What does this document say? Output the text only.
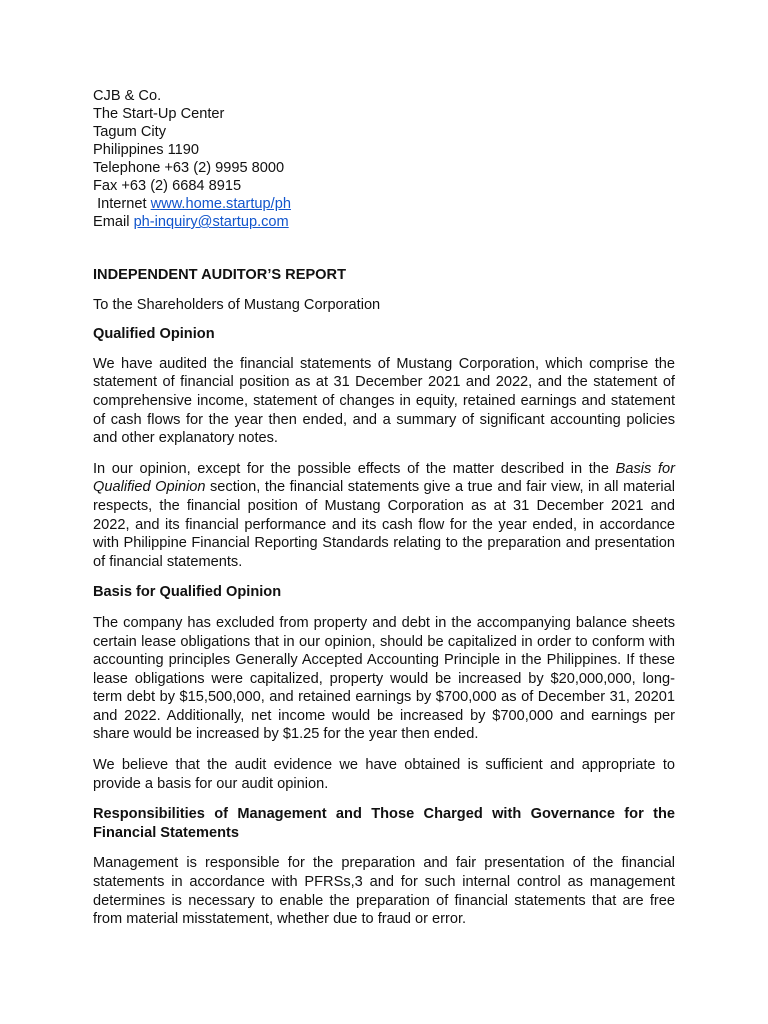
CJB & Co.
The Start-Up Center
Tagum City
Philippines 1190
Telephone +63 (2) 9995 8000
Fax +63 (2) 6684 8915
Internet www.home.startup/ph
Email ph-inquiry@startup.com

INDEPENDENT AUDITOR’S REPORT

To the Shareholders of Mustang Corporation

Qualified Opinion

We have audited the financial statements of Mustang Corporation, which comprise the statement of financial position as at 31 December 2021 and 2022, and the statement of comprehensive income, statement of changes in equity, retained earnings and statement of cash flows for the year then ended, and a summary of significant accounting policies and other explanatory notes.

In our opinion, except for the possible effects of the matter described in the Basis for Qualified Opinion section, the financial statements give a true and fair view, in all material respects, the financial position of Mustang Corporation as at 31 December 2021 and 2022, and its financial performance and its cash flow for the year ended, in accordance with Philippine Financial Reporting Standards relating to the preparation and presentation of financial statements.

Basis for Qualified Opinion

The company has excluded from property and debt in the accompanying balance sheets certain lease obligations that in our opinion, should be capitalized in order to conform with accounting principles Generally Accepted Accounting Principle in the Philippines. If these lease obligations were capitalized, property would be increased by $20,000,000, long-term debt by $15,500,000, and retained earnings by $700,000 as of December 31, 20201 and 2022. Additionally, net income would be increased by $700,000 and earnings per share would be increased by $1.25 for the year then ended.

We believe that the audit evidence we have obtained is sufficient and appropriate to provide a basis for our audit opinion.

Responsibilities of Management and Those Charged with Governance for the Financial Statements

Management is responsible for the preparation and fair presentation of the financial statements in accordance with PFRSs,3 and for such internal control as management determines is necessary to enable the preparation of financial statements that are free from material misstatement, whether due to fraud or error.
